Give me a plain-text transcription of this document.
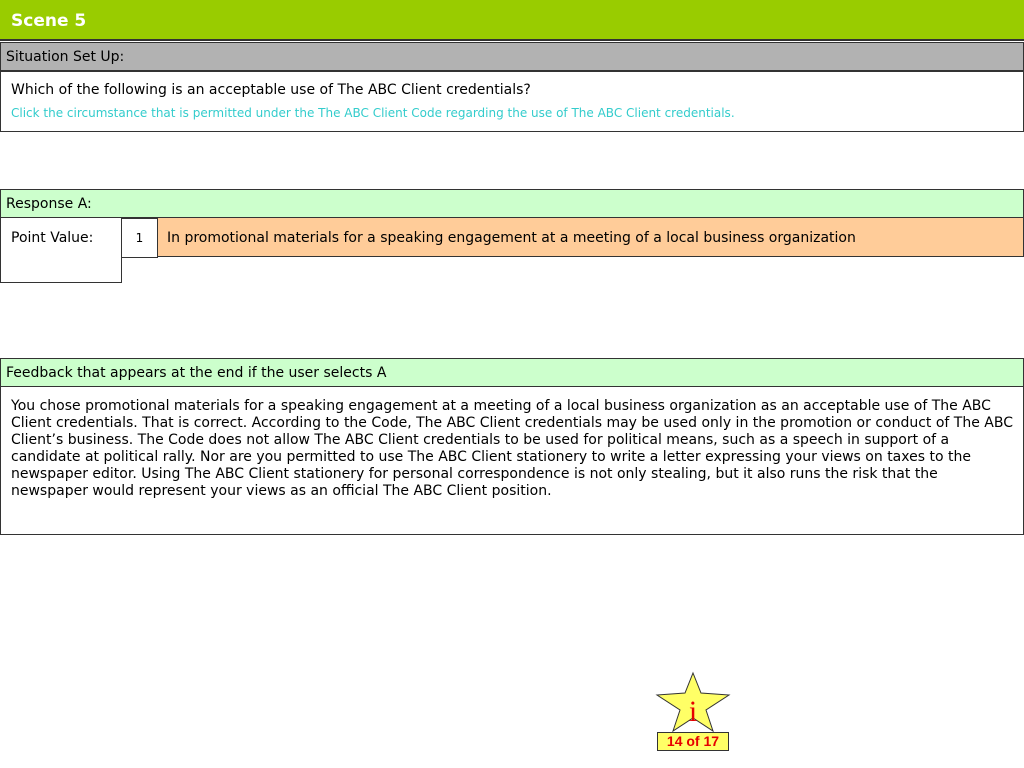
Scene 5
Situation Set Up:
Which of the following is an acceptable use of The ABC Client credentials?
Click the circumstance that is permitted under the The ABC Client Code regarding the use of The ABC Client credentials.
Response A:
Point Value:	1	In promotional materials for a speaking engagement at a meeting of a local business organization
Feedback that appears at the end if the user selects A
You chose promotional materials for a speaking engagement at a meeting of a local business organization as an acceptable use of The ABC Client credentials. That is correct. According to the Code, The ABC Client credentials may be used only in the promotion or conduct of The ABC Client’s business. The Code does not allow The ABC Client credentials to be used for political means, such as a speech in support of a candidate at political rally. Nor are you permitted to use The ABC Client stationery to write a letter expressing your views on taxes to the newspaper editor. Using The ABC Client stationery for personal correspondence is not only stealing, but it also runs the risk that the newspaper would represent your views as an official The ABC Client position.
i
14 of 17
